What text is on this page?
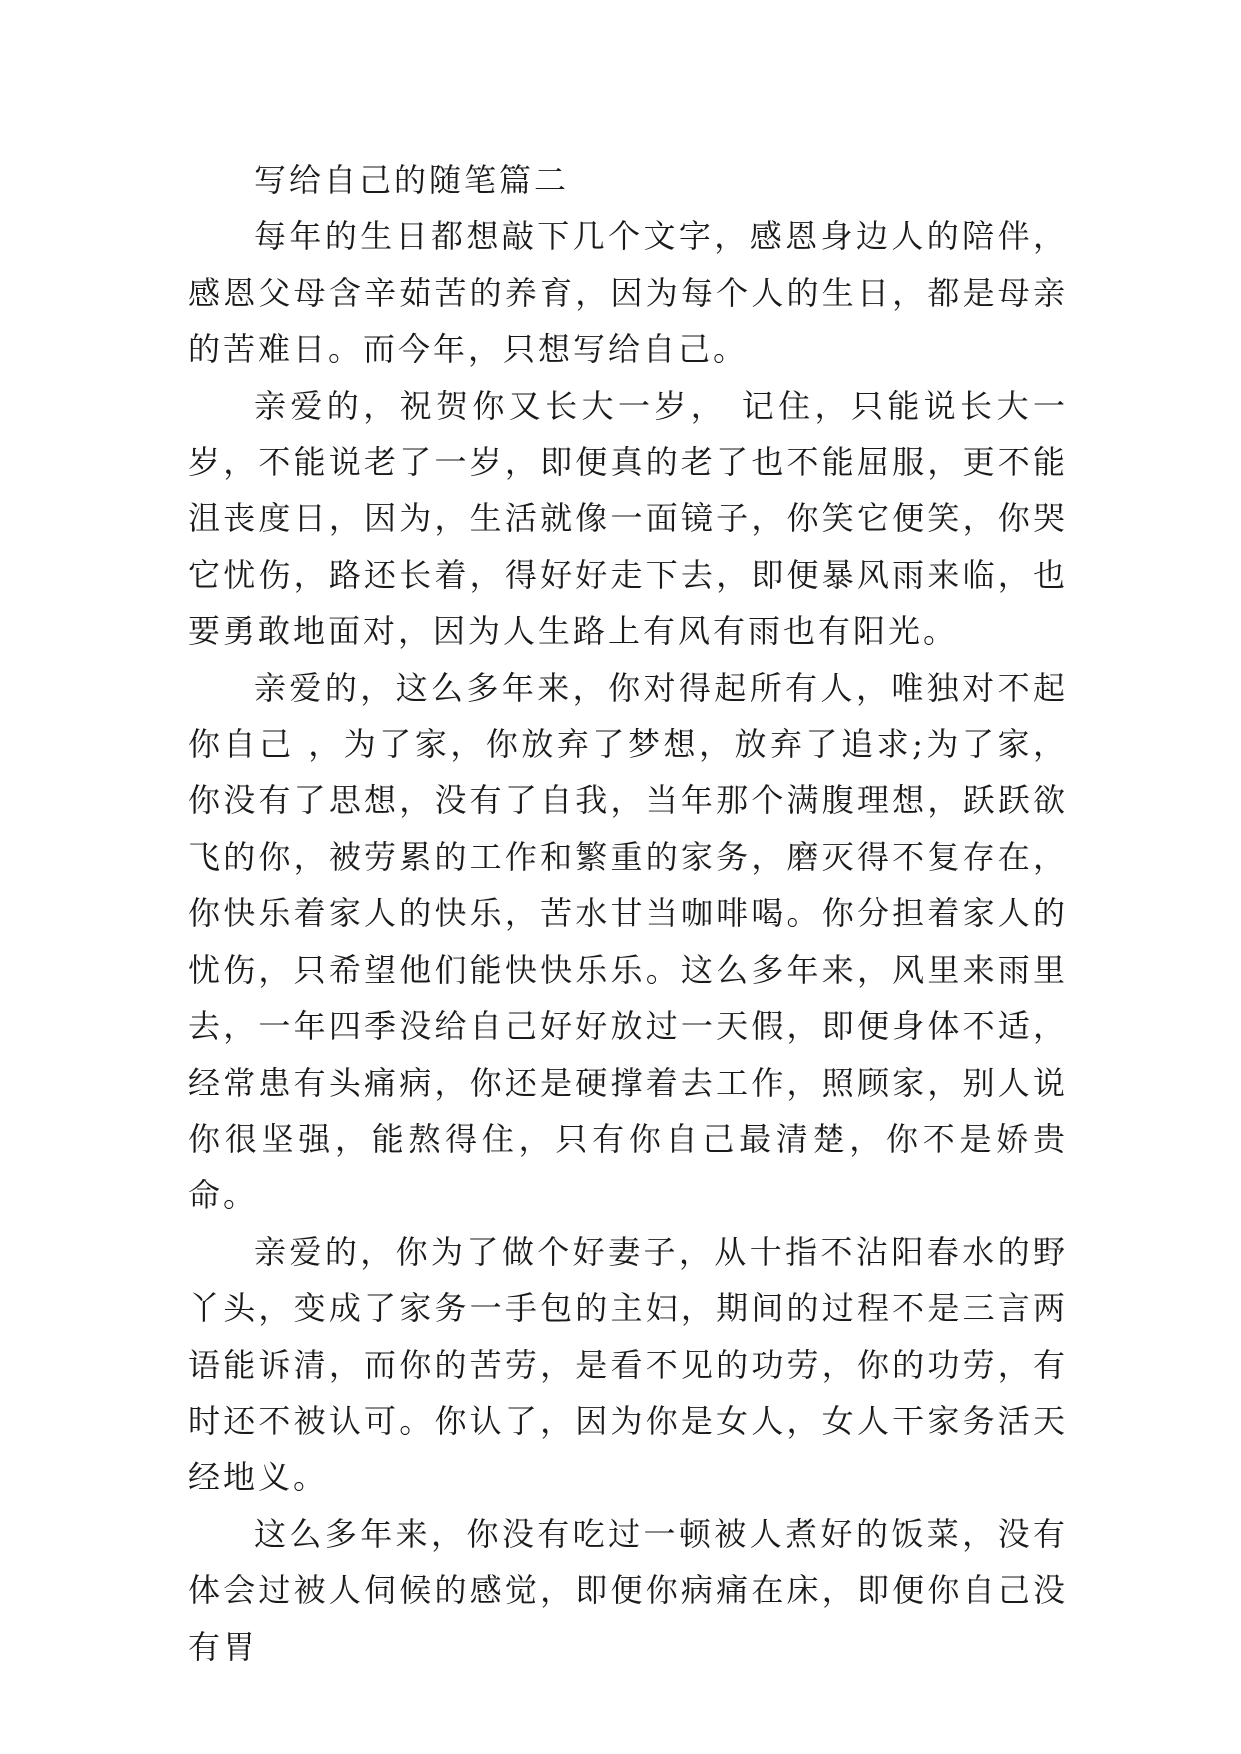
写给自己的随笔篇二

每年的生日都想敲下几个文字，感恩身边人的陪伴，感恩父母含辛茹苦的养育，因为每个人的生日，都是母亲的苦难日。而今年，只想写给自己。

亲爱的，祝贺你又长大一岁， 记住，只能说长大一岁，不能说老了一岁，即便真的老了也不能屈服，更不能沮丧度日，因为，生活就像一面镜子，你笑它便笑，你哭它忧伤，路还长着，得好好走下去，即便暴风雨来临，也要勇敢地面对，因为人生路上有风有雨也有阳光。

亲爱的，这么多年来，你对得起所有人，唯独对不起你自己 ，为了家，你放弃了梦想，放弃了追求;为了家，你没有了思想，没有了自我，当年那个满腹理想，跃跃欲飞的你，被劳累的工作和繁重的家务，磨灭得不复存在，你快乐着家人的快乐，苦水甘当咖啡喝。你分担着家人的忧伤，只希望他们能快快乐乐。这么多年来，风里来雨里去，一年四季没给自己好好放过一天假，即便身体不适，经常患有头痛病，你还是硬撑着去工作，照顾家，别人说你很坚强，能熬得住，只有你自己最清楚，你不是娇贵命。

亲爱的，你为了做个好妻子，从十指不沾阳春水的野丫头，变成了家务一手包的主妇，期间的过程不是三言两语能诉清，而你的苦劳，是看不见的功劳，你的功劳，有时还不被认可。你认了，因为你是女人，女人干家务活天经地义。

这么多年来，你没有吃过一顿被人煮好的饭菜，没有体会过被人伺候的感觉，即便你病痛在床，即便你自己没有胃
